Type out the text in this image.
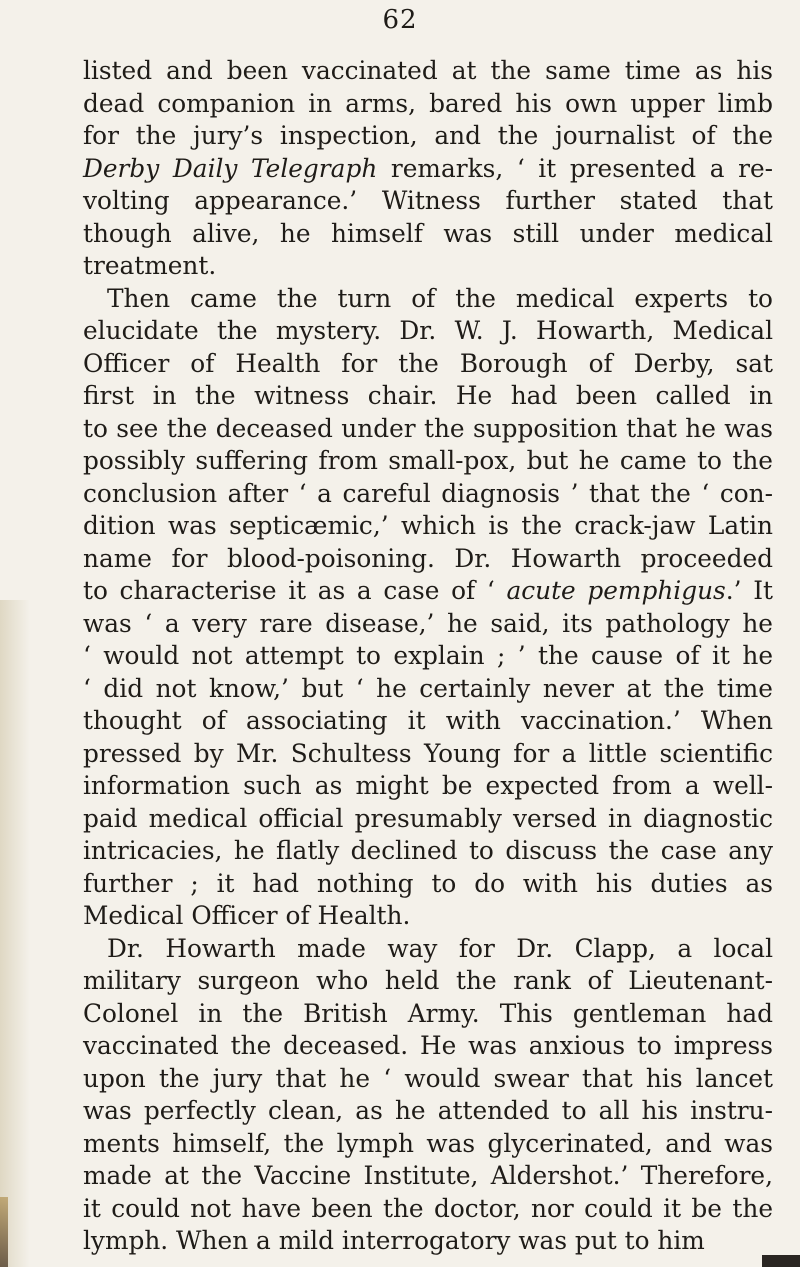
62
listed and been vaccinated at the same time as his
dead companion in arms, bared his own upper limb
for the jury’s inspection, and the journalist of the
Derby Daily Telegraph remarks, ‘ it presented a re-
volting appearance.’ Witness further stated that
though alive, he himself was still under medical
treatment.
Then came the turn of the medical experts to
elucidate the mystery. Dr. W. J. Howarth, Medical
Officer of Health for the Borough of Derby, sat
first in the witness chair. He had been called in
to see the deceased under the supposition that he was
possibly suffering from small-pox, but he came to the
conclusion after ‘ a careful diagnosis ’ that the ‘ con-
dition was septicæmic,’ which is the crack-jaw Latin
name for blood-poisoning. Dr. Howarth proceeded
to characterise it as a case of ‘ acute pemphigus.’ It
was ‘ a very rare disease,’ he said, its pathology he
‘ would not attempt to explain ; ’ the cause of it he
‘ did not know,’ but ‘ he certainly never at the time
thought of associating it with vaccination.’ When
pressed by Mr. Schultess Young for a little scientific
information such as might be expected from a well-
paid medical official presumably versed in diagnostic
intricacies, he flatly declined to discuss the case any
further ; it had nothing to do with his duties as
Medical Officer of Health.
Dr. Howarth made way for Dr. Clapp, a local
military surgeon who held the rank of Lieutenant-
Colonel in the British Army. This gentleman had
vaccinated the deceased. He was anxious to impress
upon the jury that he ‘ would swear that his lancet
was perfectly clean, as he attended to all his instru-
ments himself, the lymph was glycerinated, and was
made at the Vaccine Institute, Aldershot.’ Therefore,
it could not have been the doctor, nor could it be the
lymph. When a mild interrogatory was put to him
